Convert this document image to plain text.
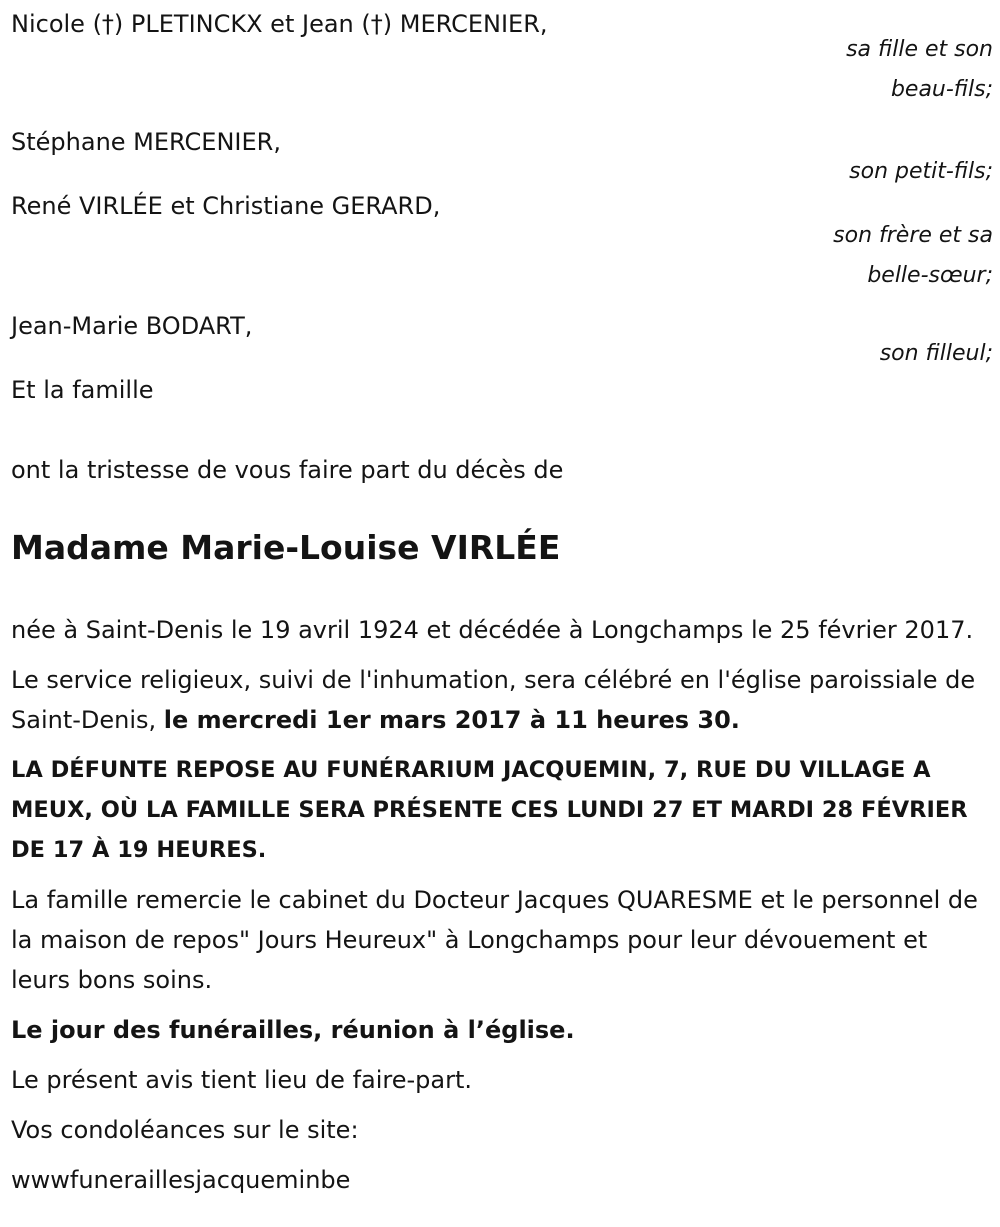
Nicole (†) PLETINCKX et Jean (†) MERCENIER,
sa fille et son
beau-fils;
Stéphane MERCENIER,
son petit-fils;
René VIRLÉE et Christiane GERARD,
son frère et sa
belle-sœur;
Jean-Marie BODART,
son filleul;
Et la famille
ont la tristesse de vous faire part du décès de
Madame Marie-Louise VIRLÉE

née à Saint-Denis le 19 avril 1924 et décédée à Longchamps le 25 février 2017.

Le service religieux, suivi de l'inhumation, sera célébré en l'église paroissiale de Saint-Denis, le mercredi 1er mars 2017 à 11 heures 30.

LA DÉFUNTE REPOSE AU FUNÉRARIUM JACQUEMIN, 7, RUE DU VILLAGE A MEUX, OÙ LA FAMILLE SERA PRÉSENTE CES LUNDI 27 ET MARDI 28 FÉVRIER DE 17 À 19 HEURES.

La famille remercie le cabinet du Docteur Jacques QUARESME et le personnel de la maison de repos" Jours Heureux" à Longchamps pour leur dévouement et leurs bons soins.

Le jour des funérailles, réunion à l’église.

Le présent avis tient lieu de faire-part.

Vos condoléances sur le site:

wwwfuneraillesjacqueminbe
